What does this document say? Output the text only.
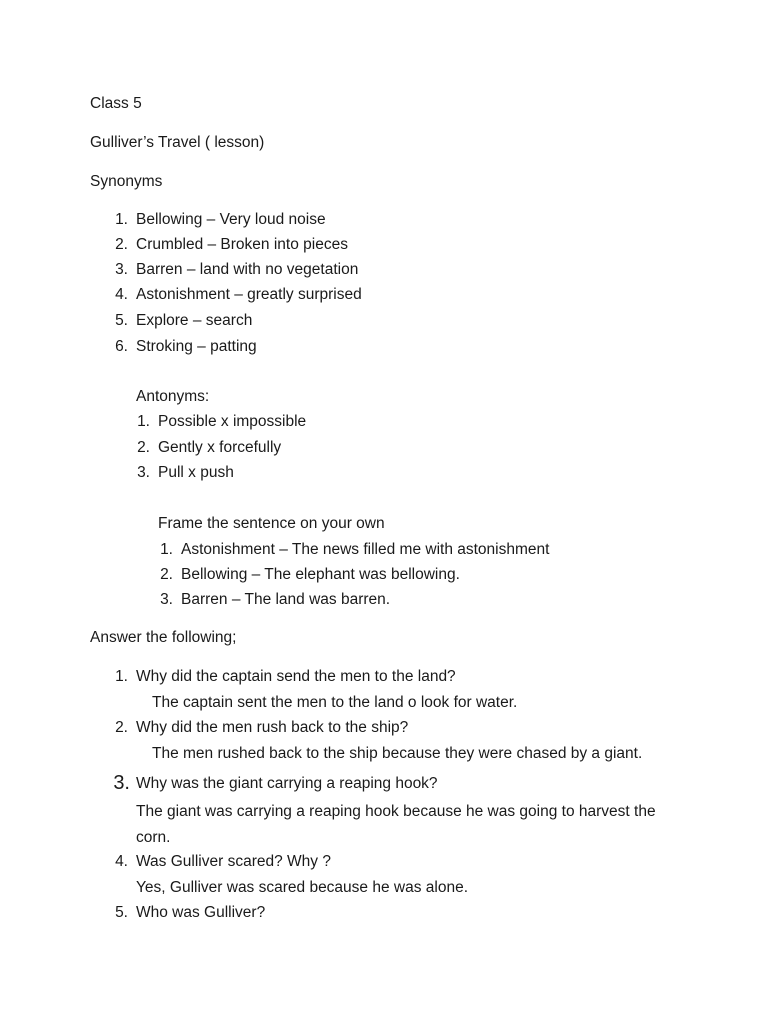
Class 5
Gulliver’s Travel ( lesson)
Synonyms
1. Bellowing – Very loud noise
2. Crumbled – Broken into pieces
3. Barren – land with no vegetation
4. Astonishment – greatly surprised
5. Explore – search
6. Stroking – patting
Antonyms:
1. Possible x impossible
2. Gently x forcefully
3. Pull x push
Frame the sentence on your own
1. Astonishment – The news filled me with astonishment
2. Bellowing – The elephant was bellowing.
3. Barren – The land was barren.
Answer the following;
1. Why did the captain send the men to the land?
The captain sent the men to the land o look for water.
2. Why did the men rush back to the ship?
The men rushed back to the ship because they were chased by a giant.
3. Why was the giant carrying a reaping hook?
The giant was carrying a reaping hook because he was going to harvest the
corn.
4. Was Gulliver scared? Why ?
Yes, Gulliver was scared because he was alone.
5. Who was Gulliver?
